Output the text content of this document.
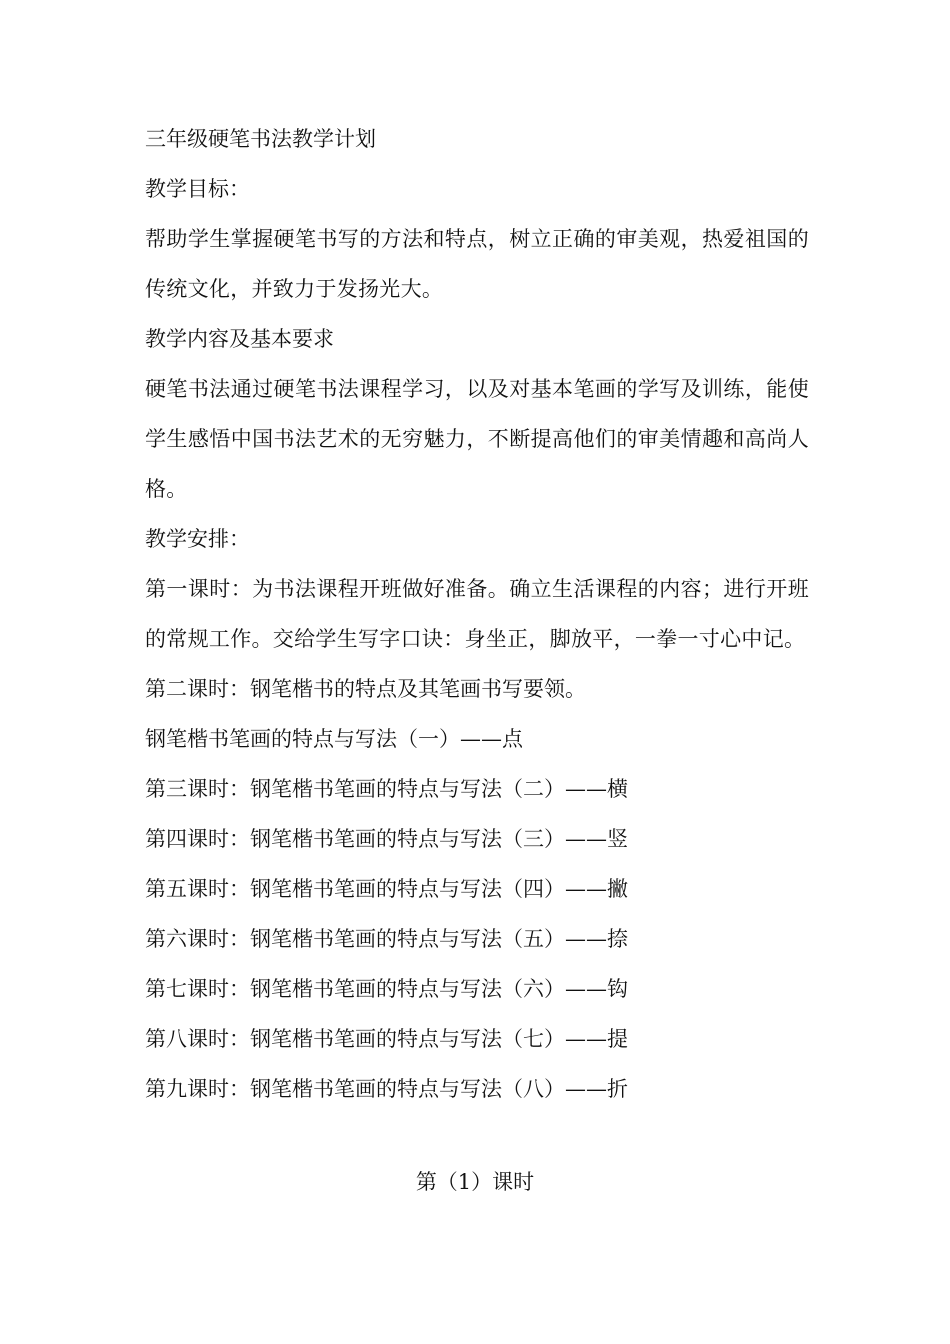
三年级硬笔书法教学计划
教学目标：
帮助学生掌握硬笔书写的方法和特点，树立正确的审美观，热爱祖国的传统文化，并致力于发扬光大。
教学内容及基本要求
硬笔书法通过硬笔书法课程学习，以及对基本笔画的学写及训练，能使学生感悟中国书法艺术的无穷魅力，不断提高他们的审美情趣和高尚人格。
教学安排：
第一课时：为书法课程开班做好准备。确立生活课程的内容；进行开班的常规工作。交给学生写字口诀：身坐正，脚放平，一拳一寸心中记。
第二课时：钢笔楷书的特点及其笔画书写要领。
钢笔楷书笔画的特点与写法（一）——点
第三课时：钢笔楷书笔画的特点与写法（二）——横
第四课时：钢笔楷书笔画的特点与写法（三）——竖
第五课时：钢笔楷书笔画的特点与写法（四）——撇
第六课时：钢笔楷书笔画的特点与写法（五）——捺
第七课时：钢笔楷书笔画的特点与写法（六）——钩
第八课时：钢笔楷书笔画的特点与写法（七）——提
第九课时：钢笔楷书笔画的特点与写法（八）——折
第（1）课时
